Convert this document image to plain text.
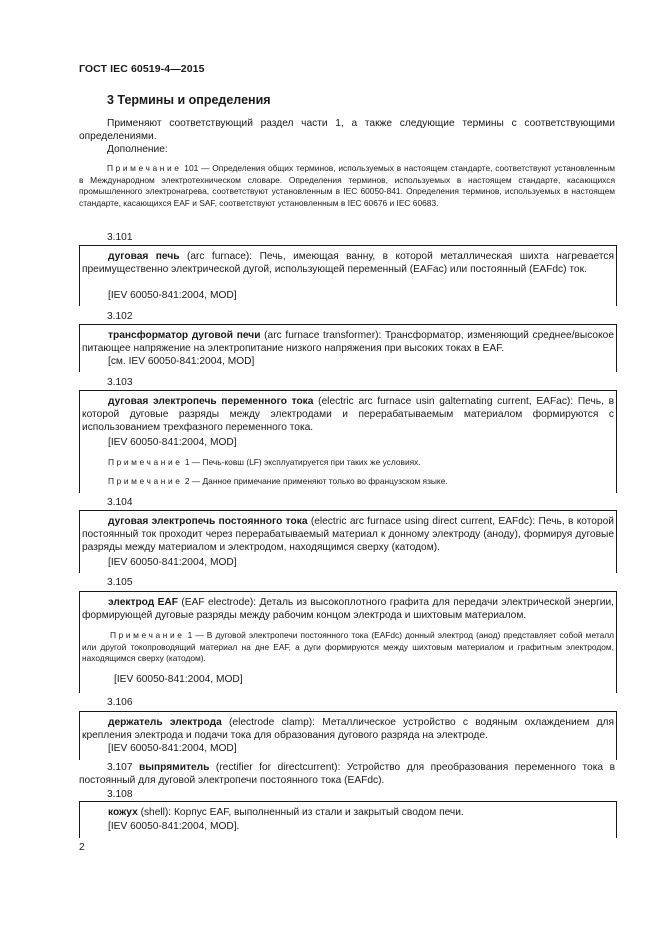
ГОСТ IEC 60519-4—2015
3 Термины и определения
Применяют соответствующий раздел части 1, а также следующие термины с соответствующими определениями.
Дополнение:
Примечание 101 — Определения общих терминов, используемых в настоящем стандарте, соответствуют установленным в Международном электротехническом словаре. Определения терминов, используемых в настоящем стандарте, касающихся промышленного электронагрева, соответствуют установленным в IEC 60050-841. Определения терминов, используемых в настоящем стандарте, касающихся EAF и SAF, соответствуют установленным в IEC 60676 и IEC 60683.
3.101
дуговая печь (arc furnace): Печь, имеющая ванну, в которой металлическая шихта нагревается преимущественно электрической дугой, использующей переменный (EAFac) или постоянный (EAFdc) ток.
[IEV 60050-841:2004, MOD]
3.102
трансформатор дуговой печи (arc furnace transformer): Трансформатор, изменяющий среднее/высокое питающее напряжение на электропитание низкого напряжения при высоких токах в EAF.
[см. IEV 60050-841:2004, MOD]
3.103
дуговая электропечь переменного тока (electric arc furnace usin galternating current, EAFac): Печь, в которой дуговые разряды между электродами и перерабатываемым материалом формируются с использованием трехфазного переменного тока.
[IEV 60050-841:2004, MOD]
Примечание 1 — Печь-ковш (LF) эксплуатируется при таких же условиях.
Примечание 2 — Данное примечание применяют только во французском языке.
3.104
дуговая электропечь постоянного тока (electric arc furnace using direct current, EAFdc): Печь, в которой постоянный ток проходит через перерабатываемый материал к донному электроду (аноду), формируя дуговые разряды между материалом и электродом, находящимся сверху (катодом).
[IEV 60050-841:2004, MOD]
3.105
электрод EAF (EAF electrode): Деталь из высокоплотного графита для передачи электрической энергии, формирующей дуговые разряды между рабочим концом электрода и шихтовым материалом.
Примечание 1 — В дуговой электропечи постоянного тока (EAFdc) донный электрод (анод) представляет собой металл или другой токопроводящий материал на дне EAF, а дуги формируются между шихтовым материалом и графитным электродом, находящимся сверху (катодом).
[IEV 60050-841:2004, MOD]
3.106
держатель электрода (electrode clamp): Металлическое устройство с водяным охлаждением для крепления электрода и подачи тока для образования дугового разряда на электроде.
[IEV 60050-841:2004, MOD]
3.107 выпрямитель (rectifier for directcurrent): Устройство для преобразования переменного тока в постоянный для дуговой электропечи постоянного тока (EAFdc).
3.108
кожух (shell): Корпус EAF, выполненный из стали и закрытый сводом печи.
[IEV 60050-841:2004, MOD].
2
